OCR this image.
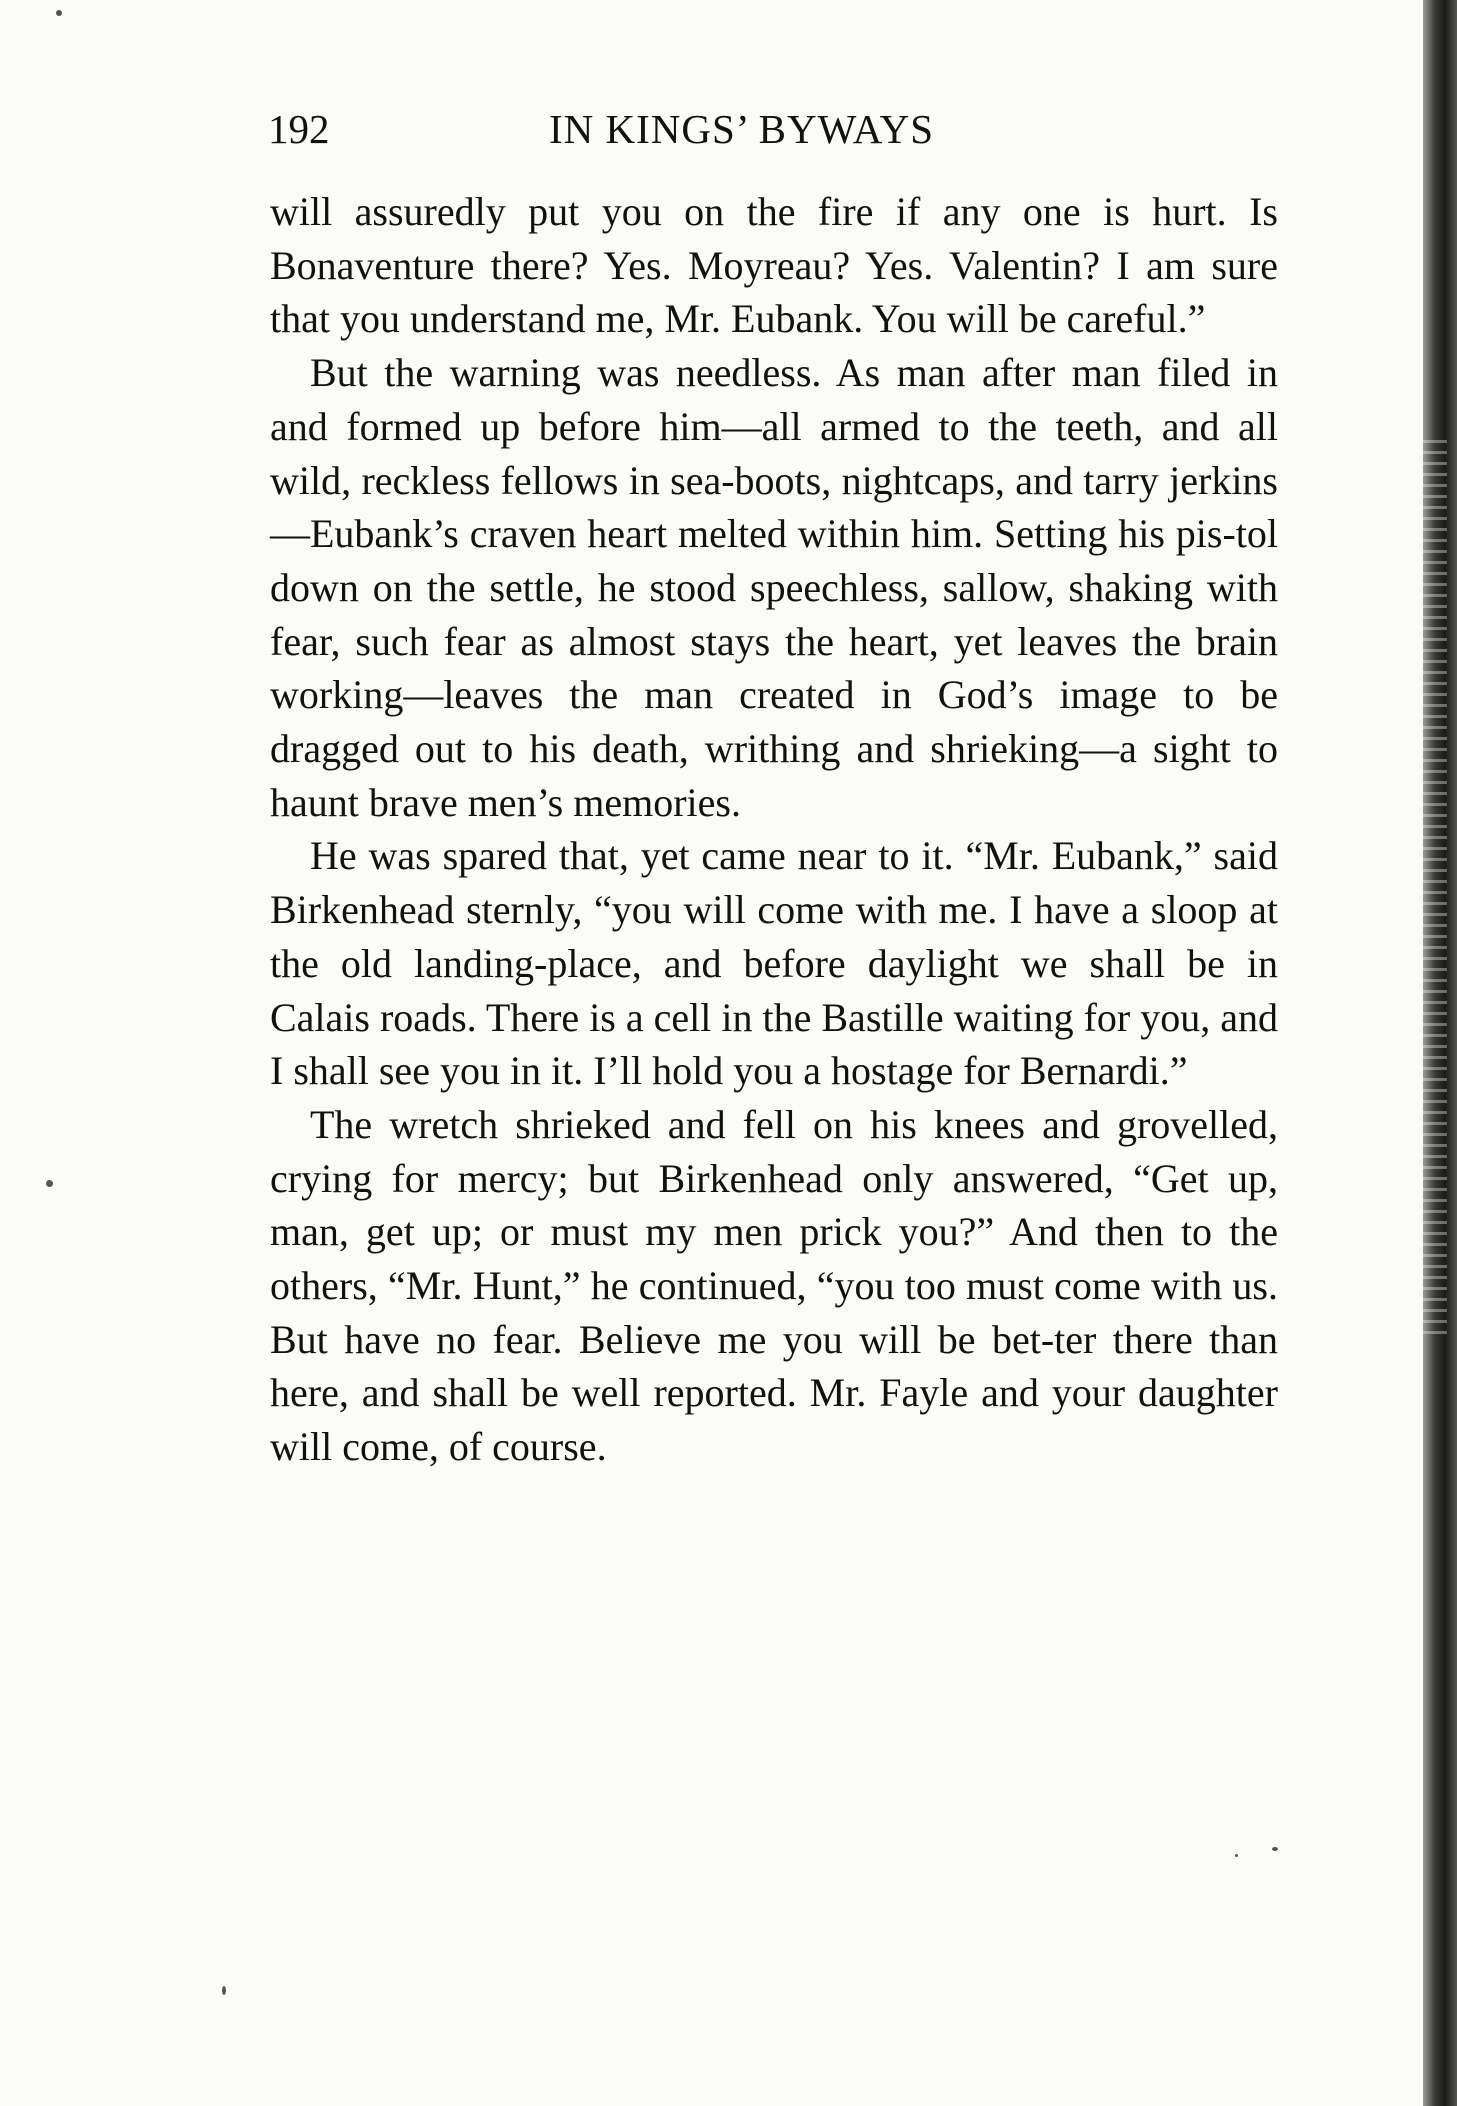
192	IN KINGS’ BYWAYS

will assuredly put you on the fire if any one is hurt. Is Bonaventure there? Yes. Moyreau? Yes. Valentin? I am sure that you understand me, Mr. Eubank. You will be careful.”

But the warning was needless. As man after man filed in and formed up before him—all armed to the teeth, and all wild, reckless fellows in sea-boots, nightcaps, and tarry jerkins—Eubank’s craven heart melted within him. Setting his pis-tol down on the settle, he stood speechless, sallow, shaking with fear, such fear as almost stays the heart, yet leaves the brain working—leaves the man created in God’s image to be dragged out to his death, writhing and shrieking—a sight to haunt brave men’s memories.

He was spared that, yet came near to it. “Mr. Eubank,” said Birkenhead sternly, “you will come with me. I have a sloop at the old landing-place, and before daylight we shall be in Calais roads. There is a cell in the Bastille waiting for you, and I shall see you in it. I’ll hold you a hostage for Bernardi.”

The wretch shrieked and fell on his knees and grovelled, crying for mercy; but Birkenhead only answered, “Get up, man, get up; or must my men prick you?” And then to the others, “Mr. Hunt,” he continued, “you too must come with us. But have no fear. Believe me you will be bet-ter there than here, and shall be well reported. Mr. Fayle and your daughter will come, of course.
